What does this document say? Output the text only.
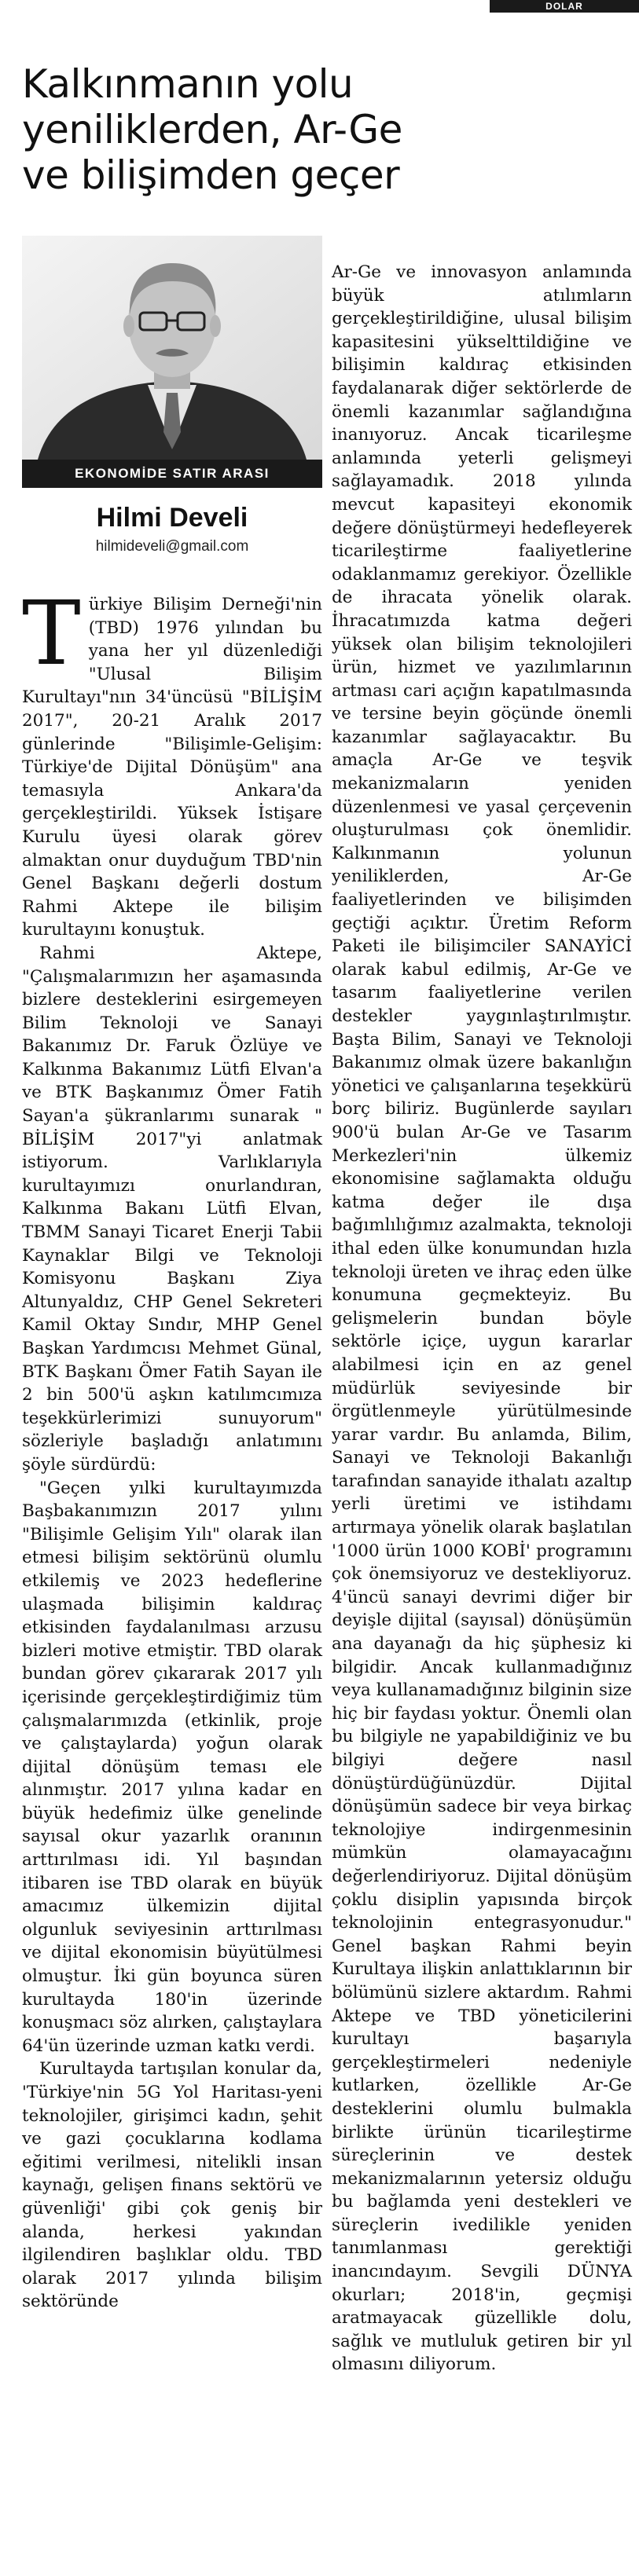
DOLAR
Kalkınmanın yolu yeniliklerden, Ar-Ge ve bilişimden geçer
EKONOMİDE SATIR ARASI
Hilmi Develi
hilmideveli@gmail.com

Türkiye Bilişim Derneği'nin (TBD) 1976 yılından bu yana her yıl düzenlediği "Ulusal Bilişim Kurultayı"nın 34'üncüsü "BİLİŞİM 2017", 20-21 Aralık 2017 günlerinde "Bilişimle-Gelişim: Türkiye'de Dijital Dönüşüm" ana temasıyla Ankara'da gerçekleştirildi. Yüksek İstişare Kurulu üyesi olarak görev almaktan onur duyduğum TBD'nin Genel Başkanı değerli dostum Rahmi Aktepe ile bilişim kurultayını konuştuk.

Rahmi Aktepe, "Çalışmalarımızın her aşamasında bizlere desteklerini esirgemeyen Bilim Teknoloji ve Sanayi Bakanımız Dr. Faruk Özlüye ve Kalkınma Bakanımız Lütfi Elvan'a ve BTK Başkanımız Ömer Fatih Sayan'a şükranlarımı sunarak " BİLİŞİM 2017"yi anlatmak istiyorum. Varlıklarıyla kurultayımızı onurlandıran, Kalkınma Bakanı Lütfi Elvan, TBMM Sanayi Ticaret Enerji Tabii Kaynaklar Bilgi ve Teknoloji Komisyonu Başkanı Ziya Altunyaldız, CHP Genel Sekreteri Kamil Oktay Sındır, MHP Genel Başkan Yardımcısı Mehmet Günal, BTK Başkanı Ömer Fatih Sayan ile 2 bin 500'ü aşkın katılımcımıza teşekkürlerimizi sunuyorum" sözleriyle başladığı anlatımını şöyle sürdürdü:

"Geçen yılki kurultayımızda Başbakanımızın 2017 yılını "Bilişimle Gelişim Yılı" olarak ilan etmesi bilişim sektörünü olumlu etkilemiş ve 2023 hedeflerine ulaşmada bilişimin kaldıraç etkisinden faydalanılması arzusu bizleri motive etmiştir. TBD olarak bundan görev çıkararak 2017 yılı içerisinde gerçekleştirdiğimiz tüm çalışmalarımızda (etkinlik, proje ve çalıştaylarda) yoğun olarak dijital dönüşüm teması ele alınmıştır. 2017 yılına kadar en büyük hedefimiz ülke genelinde sayısal okur yazarlık oranının arttırılması idi. Yıl başından itibaren ise TBD olarak en büyük amacımız ülkemizin dijital olgunluk seviyesinin arttırılması ve dijital ekonomisin büyütülmesi olmuştur. İki gün boyunca süren kurultayda 180'in üzerinde konuşmacı söz alırken, çalıştaylara 64'ün üzerinde uzman katkı verdi.

Kurultayda tartışılan konular da, 'Türkiye'nin 5G Yol Haritası-yeni teknolojiler, girişimci kadın, şehit ve gazi çocuklarına kodlama eğitimi verilmesi, nitelikli insan kaynağı, gelişen finans sektörü ve güvenliği' gibi çok geniş bir alanda, herkesi yakından ilgilendiren başlıklar oldu. TBD olarak 2017 yılında bilişim sektöründe

Ar-Ge ve innovasyon anlamında büyük atılımların gerçekleştirildiğine, ulusal bilişim kapasitesini yükselttildiğine ve bilişimin kaldıraç etkisinden faydalanarak diğer sektörlerde de önemli kazanımlar sağlandığına inanıyoruz. Ancak ticarileşme anlamında yeterli gelişmeyi sağlayamadık. 2018 yılında mevcut kapasiteyi ekonomik değere dönüştürmeyi hedefleyerek ticarileştirme faaliyetlerine odaklanmamız gerekiyor. Özellikle de ihracata yönelik olarak. İhracatımızda katma değeri yüksek olan bilişim teknolojileri ürün, hizmet ve yazılımlarının artması cari açığın kapatılmasında ve tersine beyin göçünde önemli kazanımlar sağlayacaktır. Bu amaçla Ar-Ge ve teşvik mekanizmaların yeniden düzenlenmesi ve yasal çerçevenin oluşturulması çok önemlidir. Kalkınmanın yolunun yeniliklerden, Ar-Ge faaliyetlerinden ve bilişimden geçtiği açıktır. Üretim Reform Paketi ile bilişimciler SANAYİCİ olarak kabul edilmiş, Ar-Ge ve tasarım faaliyetlerine verilen destekler yaygınlaştırılmıştır. Başta Bilim, Sanayi ve Teknoloji Bakanımız olmak üzere bakanlığın yönetici ve çalışanlarına teşekkürü borç biliriz. Bugünlerde sayıları 900'ü bulan Ar-Ge ve Tasarım Merkezleri'nin ülkemiz ekonomisine sağlamakta olduğu katma değer ile dışa bağımlılığımız azalmakta, teknoloji ithal eden ülke konumundan hızla teknoloji üreten ve ihraç eden ülke konumuna geçmekteyiz. Bu gelişmelerin bundan böyle sektörle içiçe, uygun kararlar alabilmesi için en az genel müdürlük seviyesinde bir örgütlenmeyle yürütülmesinde yarar vardır. Bu anlamda, Bilim, Sanayi ve Teknoloji Bakanlığı tarafından sanayide ithalatı azaltıp yerli üretimi ve istihdamı artırmaya yönelik olarak başlatılan '1000 ürün 1000 KOBİ' programını çok önemsiyoruz ve destekliyoruz. 4'üncü sanayi devrimi diğer bir deyişle dijital (sayısal) dönüşümün ana dayanağı da hiç şüphesiz ki bilgidir. Ancak kullanmadığınız veya kullanamadığınız bilginin size hiç bir faydası yoktur. Önemli olan bu bilgiyle ne yapabildiğiniz ve bu bilgiyi değere nasıl dönüştürdüğünüzdür. Dijital dönüşümün sadece bir veya birkaç teknolojiye indirgenmesinin mümkün olamayacağını değerlendiriyoruz. Dijital dönüşüm çoklu disiplin yapısında birçok teknolojinin entegrasyonudur." Genel başkan Rahmi beyin Kurultaya ilişkin anlattıklarının bir bölümünü sizlere aktardım. Rahmi Aktepe ve TBD yöneticilerini kurultayı başarıyla gerçekleştirmeleri nedeniyle kutlarken, özellikle Ar-Ge desteklerini olumlu bulmakla birlikte ürünün ticarileştirme süreçlerinin ve destek mekanizmalarının yetersiz olduğu bu bağlamda yeni destekleri ve süreçlerin ivedilikle yeniden tanımlanması gerektiği inancındayım. Sevgili DÜNYA okurları; 2018'in, geçmişi aratmayacak güzellikle dolu, sağlık ve mutluluk getiren bir yıl olmasını diliyorum.
